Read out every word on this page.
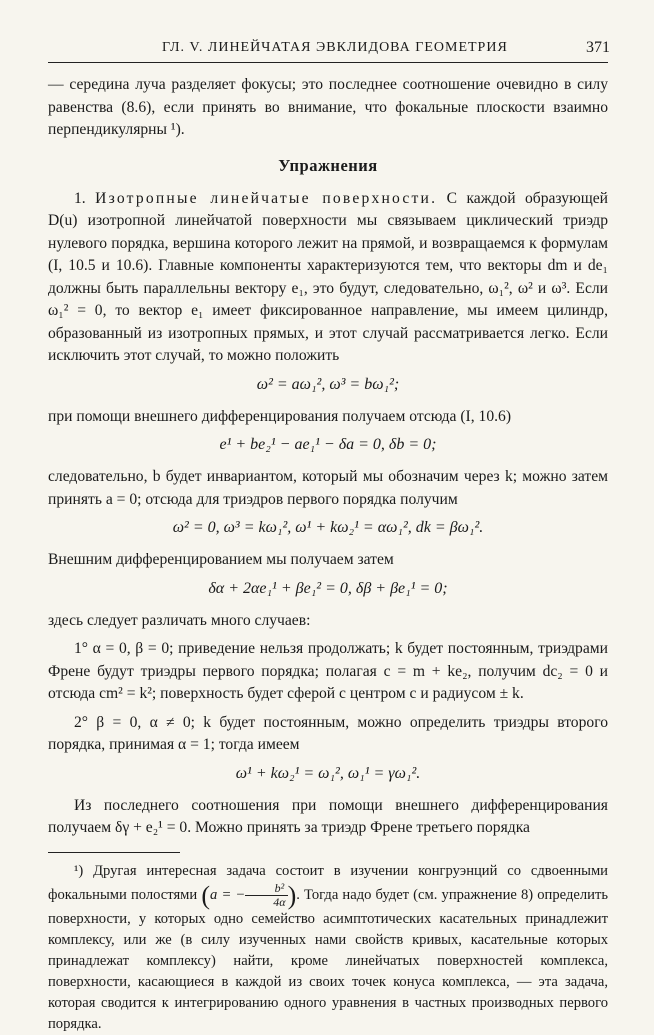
ГЛ. V. ЛИНЕЙЧАТАЯ ЭВКЛИДОВА ГЕОМЕТРИЯ	371

— середина луча разделяет фокусы; это последнее соотношение очевидно в силу равенства (8.6), если принять во внимание, что фокальные плоскости взаимно перпендикулярны ¹).

Упражнения

1. Изотропные линейчатые поверхности. С каждой образующей D(u) изотропной линейчатой поверхности мы связываем циклический триэдр нулевого порядка, вершина которого лежит на прямой, и возвращаемся к формулам (I, 10.5 и 10.6). Главные компоненты характеризуются тем, что векторы dm и de₁ должны быть параллельны вектору e₁, это будут, следовательно, ω₁², ω² и ω³. Если ω₁² = 0, то вектор e₁ имеет фиксированное направление, мы имеем цилиндр, образованный из изотропных прямых, и этот случай рассматривается легко. Если исключить этот случай, то можно положить

ω² = aω₁², ω³ = bω₁²;

при помощи внешнего дифференцирования получаем отсюда (I, 10.6)

e¹ + be₂¹ − ae₁¹ − δa = 0, δb = 0;

следовательно, b будет инвариантом, который мы обозначим через k; можно затем принять a = 0; отсюда для триэдров первого порядка получим

ω² = 0, ω³ = kω₁², ω¹ + kω₂¹ = αω₁², dk = βω₁².

Внешним дифференцированием мы получаем затем

δα + 2αe₁¹ + βe₁² = 0, δβ + βe₁¹ = 0;

здесь следует различать много случаев:

1° α = 0, β = 0; приведение нельзя продолжать; k будет постоянным, триэдрами Френе будут триэдры первого порядка; полагая c = m + ke₂, получим dc₂ = 0 и отсюда cm² = k²; поверхность будет сферой с центром c и радиусом ± k.

2° β = 0, α ≠ 0; k будет постоянным, можно определить триэдры второго порядка, принимая α = 1; тогда имеем

ω¹ + kω₂¹ = ω₁², ω₁¹ = γω₁².

Из последнего соотношения при помощи внешнего дифференцирования получаем δγ + e₂¹ = 0. Можно принять за триэдр Френе третьего порядка

¹) Другая интересная задача состоит в изучении конгруэнций со сдвоенными фокальными полостями (a = − $\frac{\text{b²}}{4\alpha}$ ). Тогда надо будет (см. упражнение 8) определить поверхности, у которых одно семейство асимптотических касательных принадлежит комплексу, или же (в силу изученных нами свойств кривых, касательные которых принадлежат комплексу) найти, кроме линейчатых поверхностей комплекса, поверхности, касающиеся в каждой из своих точек конуса комплекса, — эта задача, которая сводится к интегрированию одного уравнения в частных производных первого порядка.
